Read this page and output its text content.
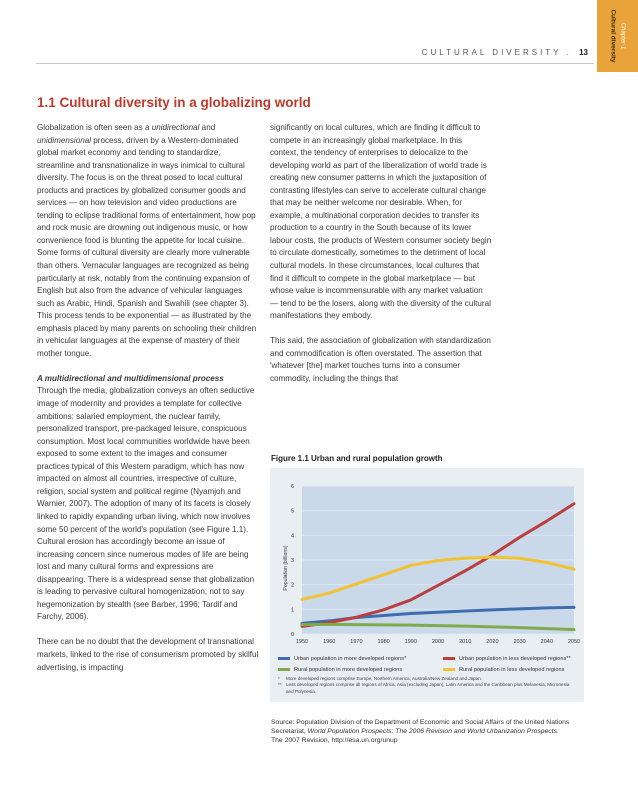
Chapter 1
Cultural diversity
CULTURAL DIVERSITY . 13
1.1 Cultural diversity in a globalizing world

Globalization is often seen as a unidirectional and unidimensional process, driven by a Western-dominated global market economy and tending to standardize, streamline and transnationalize in ways inimical to cultural diversity. The focus is on the threat posed to local cultural products and practices by globalized consumer goods and services — on how television and video productions are tending to eclipse traditional forms of entertainment, how pop and rock music are drowning out indigenous music, or how convenience food is blunting the appetite for local cuisine. Some forms of cultural diversity are clearly more vulnerable than others. Vernacular languages are recognized as being particularly at risk, notably from the continuing expansion of English but also from the advance of vehicular languages such as Arabic, Hindi, Spanish and Swahili (see chapter 3). This process tends to be exponential — as illustrated by the emphasis placed by many parents on schooling their children in vehicular languages at the expense of mastery of their mother tongue.

A multidirectional and multidimensional process

Through the media, globalization conveys an often seductive image of modernity and provides a template for collective ambitions: salaried employment, the nuclear family, personalized transport, pre-packaged leisure, conspicuous consumption. Most local communities worldwide have been exposed to some extent to the images and consumer practices typical of this Western paradigm, which has now impacted on almost all countries, irrespective of culture, religion, social system and political regime (Nyamjoh and Warnier, 2007). The adoption of many of its facets is closely linked to rapidly expanding urban living, which now involves some 50 percent of the world's population (see Figure 1.1). Cultural erosion has accordingly become an issue of increasing concern since numerous modes of life are being lost and many cultural forms and expressions are disappearing. There is a widespread sense that globalization is leading to pervasive cultural homogenization, not to say hegemonization by stealth (see Barber, 1996; Tardif and Farchy, 2006).

There can be no doubt that the development of transnational markets, linked to the rise of consumerism promoted by skilful advertising, is impacting

significantly on local cultures, which are finding it difficult to compete in an increasingly global marketplace. In this context, the tendency of enterprises to delocalize to the developing world as part of the liberalization of world trade is creating new consumer patterns in which the juxtaposition of contrasting lifestyles can serve to accelerate cultural change that may be neither welcome nor desirable. When, for example, a multinational corporation decides to transfer its production to a country in the South because of its lower labour costs, the products of Western consumer society begin to circulate domestically, sometimes to the detriment of local cultural models. In these circumstances, local cultures that find it difficult to compete in the global marketplace — but whose value is incommensurable with any market valuation — tend to be the losers, along with the diversity of the cultural manifestations they embody.

This said, the association of globalization with standardization and commodification is often overstated. The assertion that 'whatever [the] market touches turns into a consumer commodity, including the things that

Figure 1.1 Urban and rural population growth
0
1
2
3
4
5
6
1950	1960	1970	1980	1990	2000	2010	2020	2030	2040	2050
Population (billions)
Urban population in more developed regions*	Urban population in less developed regions**
Rural population in more developed regions	Rural population in less developed regions
*	More developed regions comprise Europe, Northern America, Australia/New Zealand and Japan.
** Less developed regions comprise all regions of Africa, Asia (excluding Japan), Latin America and the Caribbean plus Melanesia, Micronesia and Polynesia.
Source: Population Division of the Department of Economic and Social Affairs of the United Nations
Secretariat, World Population Prospects: The 2006 Revision and World Urbanization Prospects:
The 2007 Revision, http://esa.un.org/unup
